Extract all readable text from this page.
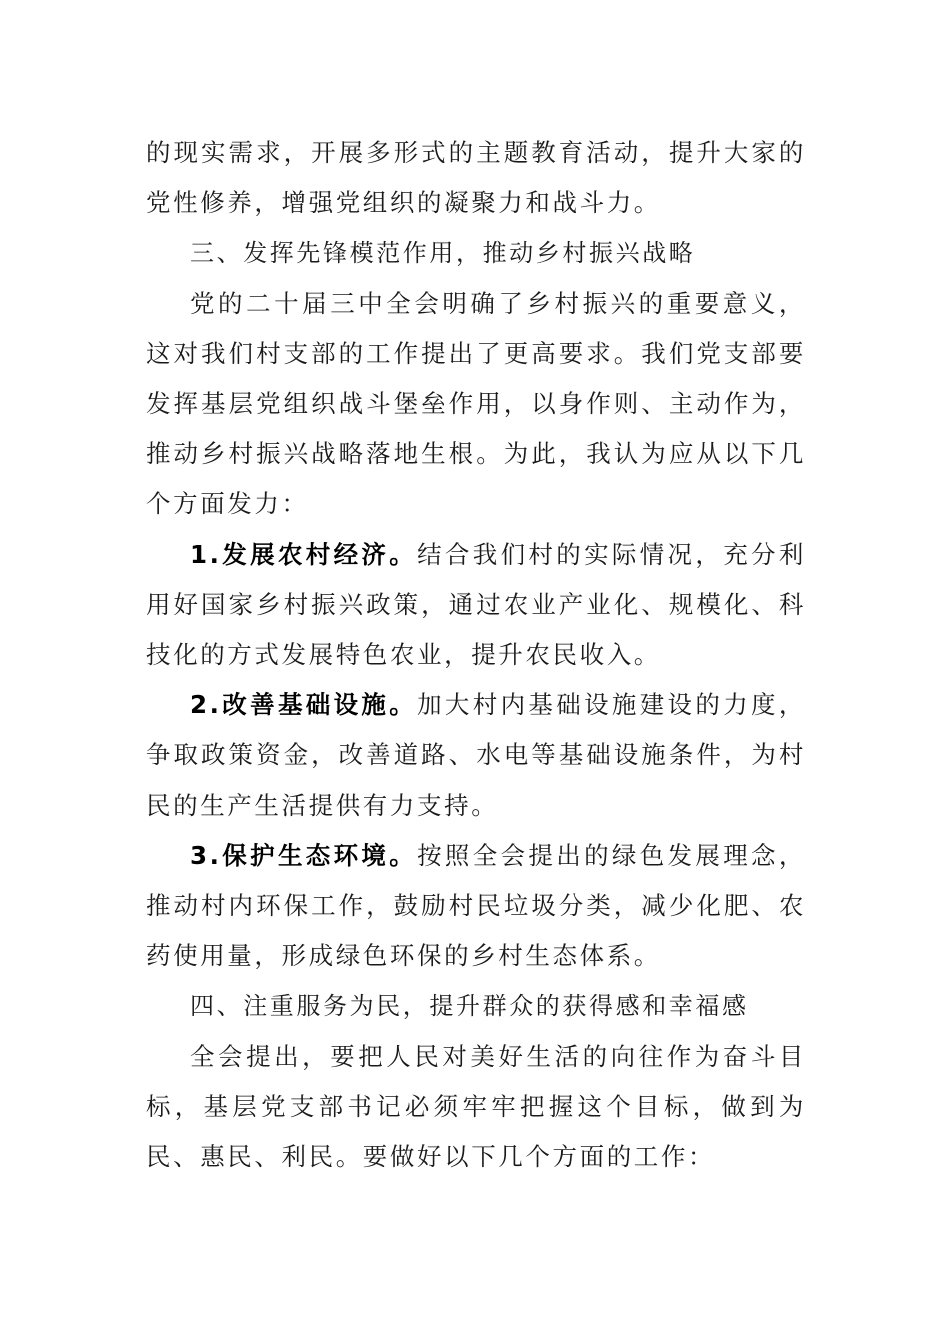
的现实需求，开展多形式的主题教育活动，提升大家的党性修养，增强党组织的凝聚力和战斗力。

三、发挥先锋模范作用，推动乡村振兴战略

党的二十届三中全会明确了乡村振兴的重要意义，这对我们村支部的工作提出了更高要求。我们党支部要发挥基层党组织战斗堡垒作用，以身作则、主动作为，推动乡村振兴战略落地生根。为此，我认为应从以下几个方面发力：

1.发展农村经济。结合我们村的实际情况，充分利用好国家乡村振兴政策，通过农业产业化、规模化、科技化的方式发展特色农业，提升农民收入。

2.改善基础设施。加大村内基础设施建设的力度，争取政策资金，改善道路、水电等基础设施条件，为村民的生产生活提供有力支持。

3.保护生态环境。按照全会提出的绿色发展理念，推动村内环保工作，鼓励村民垃圾分类，减少化肥、农药使用量，形成绿色环保的乡村生态体系。

四、注重服务为民，提升群众的获得感和幸福感

全会提出，要把人民对美好生活的向往作为奋斗目标，基层党支部书记必须牢牢把握这个目标，做到为民、惠民、利民。要做好以下几个方面的工作：
